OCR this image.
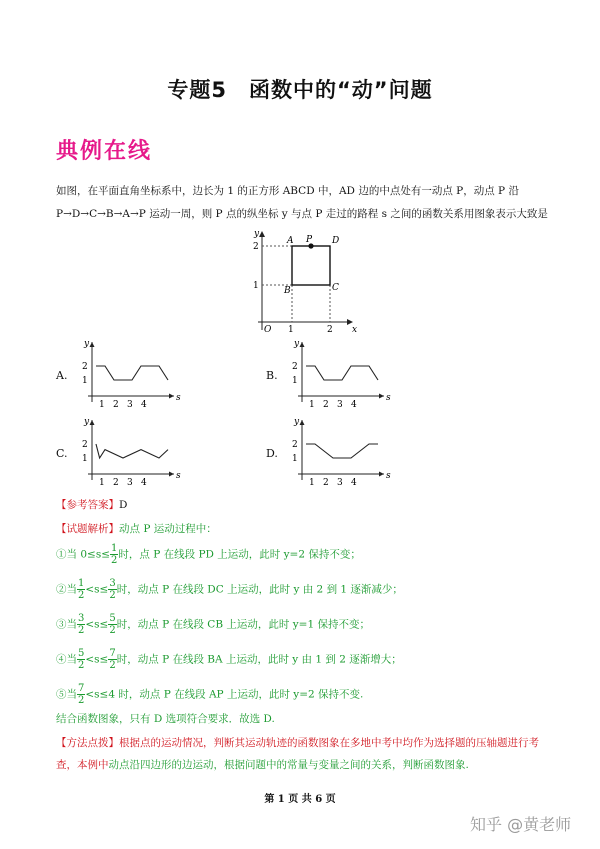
专题5　函数中的“动”问题
典例在线
如图，在平面直角坐标系中，边长为 1 的正方形 ABCD 中，AD 边的中点处有一动点 P，动点 P 沿
P→D→C→B→A→P 运动一周，则 P 点的纵坐标 y 与点 P 走过的路程 s 之间的函数关系用图象表示大致是
y
x
O 1	2
1
2
A P D
B	C
A.	B.
C.	D.
y
s
2
1
1 2 3 4
y
s
2
1
1 2 3 4
y
s
2
1
1 2 3 4
y
s
2
1
1 2 3 4
【参考答案】D
【试题解析】动点 P 运动过程中：
①当 $0\le s\le \frac{1}{2}$ 时，点 P 在线段 PD 上运动，此时 y=2 保持不变；
②当 $\frac{1}{2} <s\le \frac{3}{2}$ 时，动点 P 在线段 DC 上运动，此时 y 由 2 到 1 逐渐减少；
③当 $\frac{3}{2} <s\le \frac{5}{2}$ 时，动点 P 在线段 CB 上运动，此时 y=1 保持不变；
④当 $\frac{5}{2} <s\le \frac{7}{2}$ 时，动点 P 在线段 BA 上运动，此时 y 由 1 到 2 逐渐增大；
⑤当 $\frac{7}{2} <s\le 4$ 时，动点 P 在线段 AP 上运动，此时 y=2 保持不变.
结合函数图象，只有 D 选项符合要求．故选 D.
【方法点拨】根据点的运动情况，判断其运动轨迹的函数图象在多地中考中均作为选择题的压轴题进行考
查，本例中动点沿四边形的边运动，根据问题中的常量与变量之间的关系，判断函数图象.
第 1 页 共 6 页
知乎 @黄老师
